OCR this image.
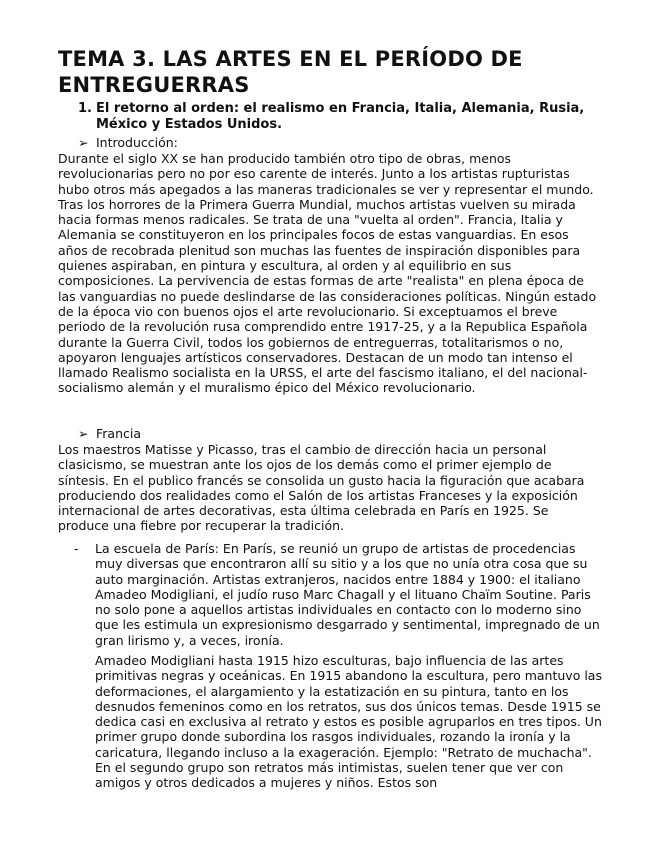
TEMA 3. LAS ARTES EN EL PERÍODO DE ENTREGUERRAS
1. El retorno al orden: el realismo en Francia, Italia, Alemania, Rusia, México y Estados Unidos.
➢ Introducción:

Durante el siglo XX se han producido también otro tipo de obras, menos revolucionarias pero no por eso carente de interés. Junto a los artistas rupturistas hubo otros más apegados a las maneras tradicionales se ver y representar el mundo. Tras los horrores de la Primera Guerra Mundial, muchos artistas vuelven su mirada hacia formas menos radicales. Se trata de una "vuelta al orden". Francia, Italia y Alemania se constituyeron en los principales focos de estas vanguardias. En esos años de recobrada plenitud son muchas las fuentes de inspiración disponibles para quienes aspiraban, en pintura y escultura, al orden y al equilibrio en sus composiciones. La pervivencia de estas formas de arte "realista" en plena época de las vanguardias no puede deslindarse de las consideraciones políticas. Ningún estado de la época vio con buenos ojos el arte revolucionario. Si exceptuamos el breve periodo de la revolución rusa comprendido entre 1917-25, y a la Republica Española durante la Guerra Civil, todos los gobiernos de entreguerras, totalitarismos o no, apoyaron lenguajes artísticos conservadores. Destacan de un modo tan intenso el llamado Realismo socialista en la URSS, el arte del fascismo italiano, el del nacional-socialismo alemán y el muralismo épico del México revolucionario.

➢ Francia

Los maestros Matisse y Picasso, tras el cambio de dirección hacia un personal clasicismo, se muestran ante los ojos de los demás como el primer ejemplo de síntesis. En el publico francés se consolida un gusto hacia la figuración que acabara produciendo dos realidades como el Salón de los artistas Franceses y la exposición internacional de artes decorativas, esta última celebrada en París en 1925. Se produce una fiebre por recuperar la tradición.

- La escuela de París: En París, se reunió un grupo de artistas de procedencias muy diversas que encontraron allí su sitio y a los que no unía otra cosa que su auto marginación. Artistas extranjeros, nacidos entre 1884 y 1900: el italiano Amadeo Modigliani, el judío ruso Marc Chagall y el lituano Chaïm Soutine. Paris no solo pone a aquellos artistas individuales en contacto con lo moderno sino que les estimula un expresionismo desgarrado y sentimental, impregnado de un gran lirismo y, a veces, ironía.

Amadeo Modigliani hasta 1915 hizo esculturas, bajo influencia de las artes primitivas negras y oceánicas. En 1915 abandono la escultura, pero mantuvo las deformaciones, el alargamiento y la estatización en su pintura, tanto en los desnudos femeninos como en los retratos, sus dos únicos temas. Desde 1915 se dedica casi en exclusiva al retrato y estos es posible agruparlos en tres tipos. Un primer grupo donde subordina los rasgos individuales, rozando la ironía y la caricatura, llegando incluso a la exageración. Ejemplo: "Retrato de muchacha". En el segundo grupo son retratos más intimistas, suelen tener que ver con amigos y otros dedicados a mujeres y niños. Estos son
